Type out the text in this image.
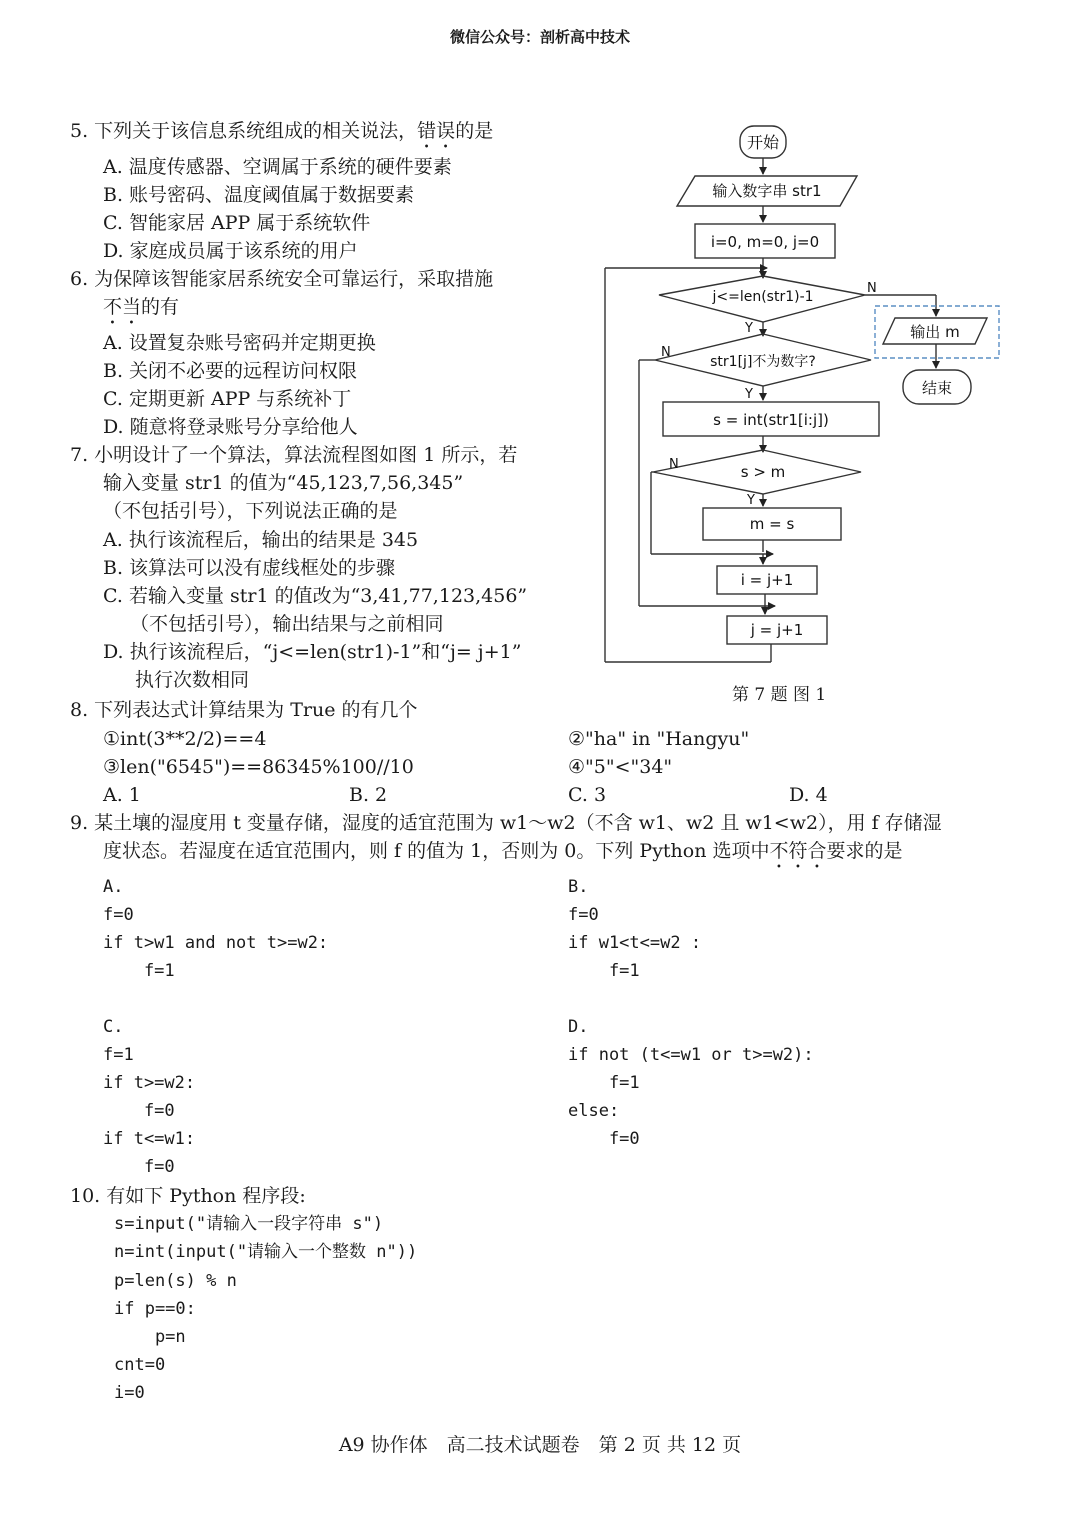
微信公众号：剖析高中技术
5. 下列关于该信息系统组成的相关说法，错误的是
A. 温度传感器、空调属于系统的硬件要素
B. 账号密码、温度阈值属于数据要素
C. 智能家居 APP 属于系统软件
D. 家庭成员属于该系统的用户
6. 为保障该智能家居系统安全可靠运行，采取措施
不当的有
A. 设置复杂账号密码并定期更换
B. 关闭不必要的远程访问权限
C. 定期更新 APP 与系统补丁
D. 随意将登录账号分享给他人
7. 小明设计了一个算法，算法流程图如图 1 所示，若
输入变量 str1 的值为“45,123,7,56,345”
（不包括引号），下列说法正确的是
A. 执行该流程后，输出的结果是 345
B. 该算法可以没有虚线框处的步骤
C. 若输入变量 str1 的值改为“3,41,77,123,456”
（不包括引号），输出结果与之前相同
D. 执行该流程后，“j<=len(str1)-1”和“j= j+1”
执行次数相同
开始
输入数字串 str1
i=0, m=0, j=0
j<=len(str1)-1
N
Y	输出 m
结束
str1[j]不为数字?
N
Y
s = int(str1[i:j])
s > m
N
Y
m = s
i = j+1
j = j+1
第 7 题 图 1
8. 下列表达式计算结果为 True 的有几个
①int(3**2/2)==4	②"ha" in "Hangyu"
③len("6545")==86345%100//10	④"5"<"34"
A. 1	B. 2	C. 3	D. 4
9. 某土壤的湿度用 t 变量存储，湿度的适宜范围为 w1～w2（不含 w1、w2 且 w1<w2），用 f 存储湿
度状态。若湿度在适宜范围内，则 f 的值为 1，否则为 0。下列 Python 选项中不符合要求的是
A.
f=0
if t>w1 and not t>=w2:
f=1
B.
f=0
if w1<t<=w2 :
f=1
C.
f=1
if t>=w2:
f=0
if t<=w1:
f=0
D.
if not (t<=w1 or t>=w2):
f=1
else:
f=0
10. 有如下 Python 程序段:
s=input("请输入一段字符串 s")
n=int(input("请输入一个整数 n"))
p=len(s) % n
if p==0:
p=n
cnt=0
i=0
A9 协作体　高二技术试题卷　第 2 页 共 12 页
